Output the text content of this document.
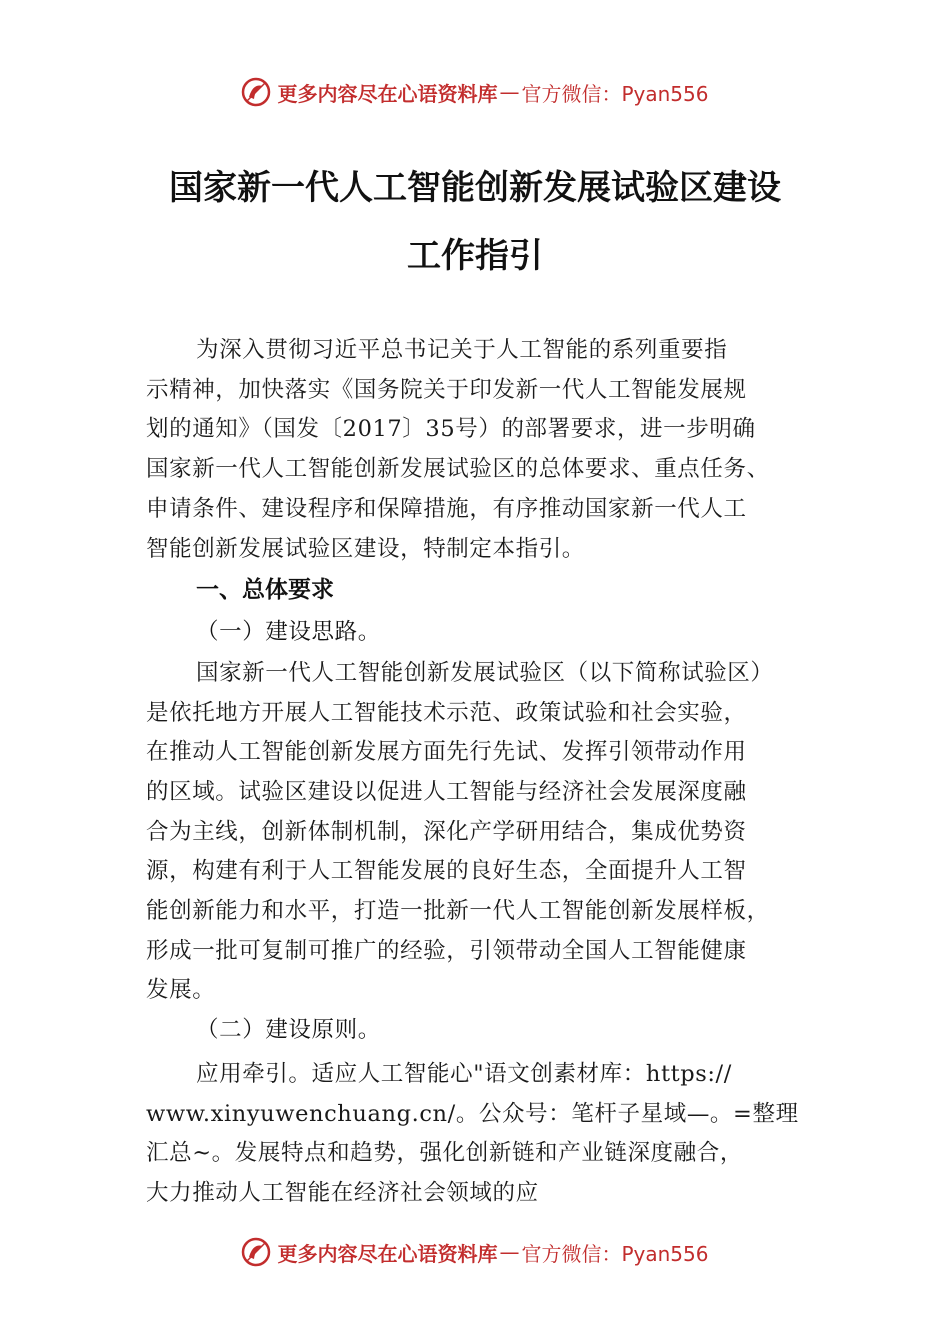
更多内容尽在心语资料库 — 官方微信：Pyan556
国家新一代人工智能创新发展试验区建设
工作指引
为深入贯彻习近平总书记关于人工智能的系列重要指
示精神，加快落实《国务院关于印发新一代人工智能发展规
划的通知》（国发〔2017〕35号）的部署要求，进一步明确
国家新一代人工智能创新发展试验区的总体要求、重点任务、
申请条件、建设程序和保障措施，有序推动国家新一代人工
智能创新发展试验区建设，特制定本指引。
一、总体要求
（一）建设思路。
国家新一代人工智能创新发展试验区（以下简称试验区）
是依托地方开展人工智能技术示范、政策试验和社会实验，
在推动人工智能创新发展方面先行先试、发挥引领带动作用
的区域。试验区建设以促进人工智能与经济社会发展深度融
合为主线，创新体制机制，深化产学研用结合，集成优势资
源，构建有利于人工智能发展的良好生态，全面提升人工智
能创新能力和水平，打造一批新一代人工智能创新发展样板，
形成一批可复制可推广的经验，引领带动全国人工智能健康
发展。
（二）建设原则。
应用牵引。适应人工智能心"语文创素材库：https://
www.xinyuwenchuang.cn/。公众号：笔杆子星域—。=整理
汇总~。发展特点和趋势，强化创新链和产业链深度融合，
大力推动人工智能在经济社会领域的应
更多内容尽在心语资料库 — 官方微信：Pyan556
